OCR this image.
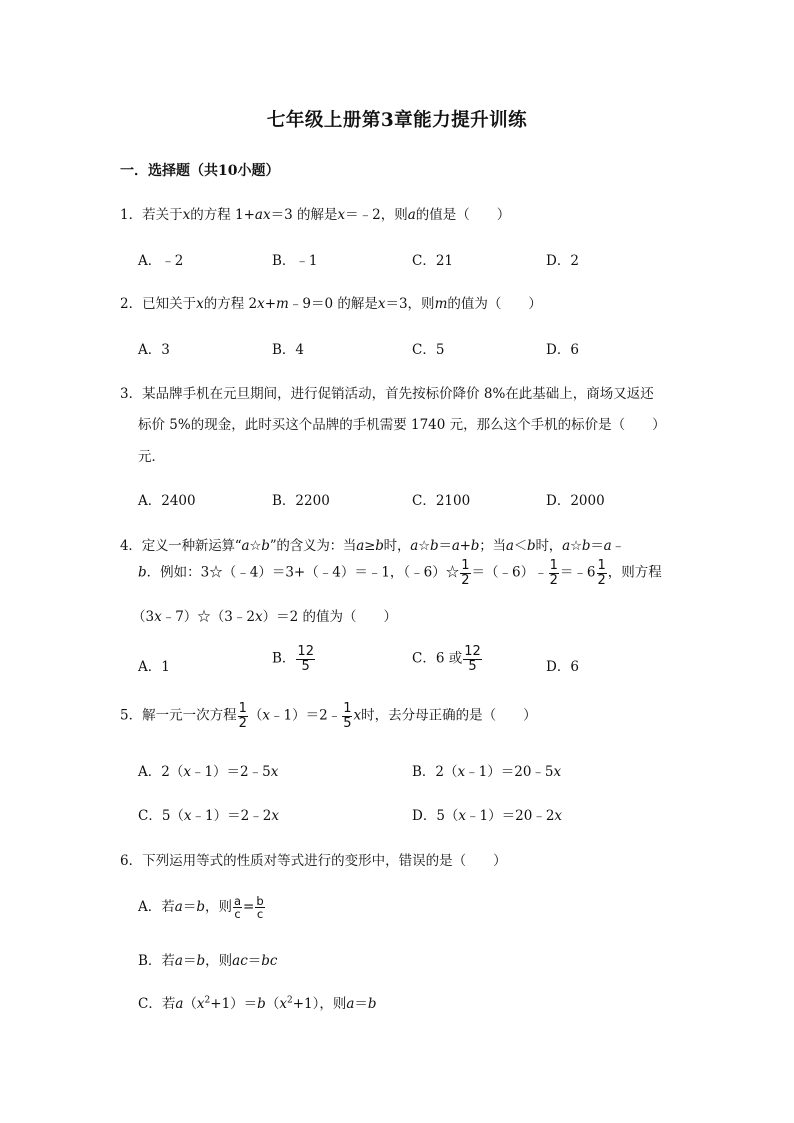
七年级上册第3章能力提升训练
一．选择题（共10小题）
1．若关于x的方程 1+ax＝3 的解是x＝﹣2，则a的值是（　　）
A．﹣2	B．﹣1	C．21	D．2
2．已知关于x的方程 2x+m﹣9＝0 的解是x＝3，则m的值为（　　）
A．3	B．4	C．5	D．6
3．某品牌手机在元旦期间，进行促销活动，首先按标价降价 8%在此基础上，商场又返还
标价 5%的现金，此时买这个品牌的手机需要 1740 元，那么这个手机的标价是（　　）
元．
A．2400	B．2200	C．2100	D．2000
4．定义一种新运算“a☆b”的含义为：当a≥b时，a☆b＝a+b；当a＜b时，a☆b＝a﹣
b．例如：3☆（﹣4）＝3+（﹣4）＝﹣1，（﹣6）☆ $\frac{1}{2}$ ＝（﹣6）﹣ $\frac{1}{2}$ ＝﹣6 $\frac{1}{2}$ ，则方程
（3x﹣7）☆（3﹣2x）＝2 的值为（　　）
A．1
B． $\frac{12}{5}$	C．6 或 $\frac{12}{5}$	D．6
5．解一元一次方程 $\frac{1}{2}$ （x﹣1）＝2﹣ $\frac{1}{5}$ x时，去分母正确的是（　　）
A．2（x﹣1）＝2﹣5x	B．2（x﹣1）＝20﹣5x
C．5（x﹣1）＝2﹣2x	D．5（x﹣1）＝20﹣2x
6．下列运用等式的性质对等式进行的变形中，错误的是（　　）
A．若a＝b，则 $\frac{a}{c} = \frac{b}{c}$
B．若a＝b，则ac＝bc
C．若$a(x^2+1)=b(x^2+1)$，则a＝b
